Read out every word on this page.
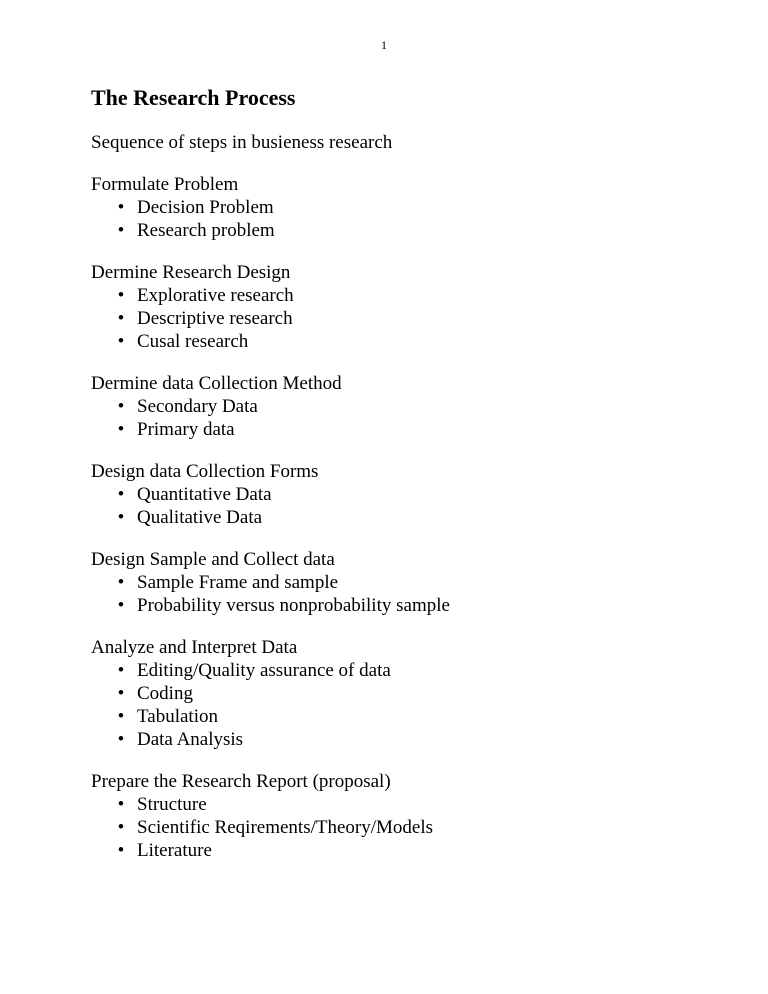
1
The Research Process

Sequence of steps in busieness research

Formulate Problem

• Decision Problem
• Research problem

Dermine Research Design

• Explorative research
• Descriptive research
• Cusal research

Dermine data Collection Method

• Secondary Data
• Primary data

Design data Collection Forms

• Quantitative Data
• Qualitative Data

Design Sample and Collect data

• Sample Frame and sample
• Probability versus nonprobability sample

Analyze and Interpret Data

• Editing/Quality assurance of data
• Coding
• Tabulation
• Data Analysis

Prepare the Research Report (proposal)

• Structure
• Scientific Reqirements/Theory/Models
• Literature
